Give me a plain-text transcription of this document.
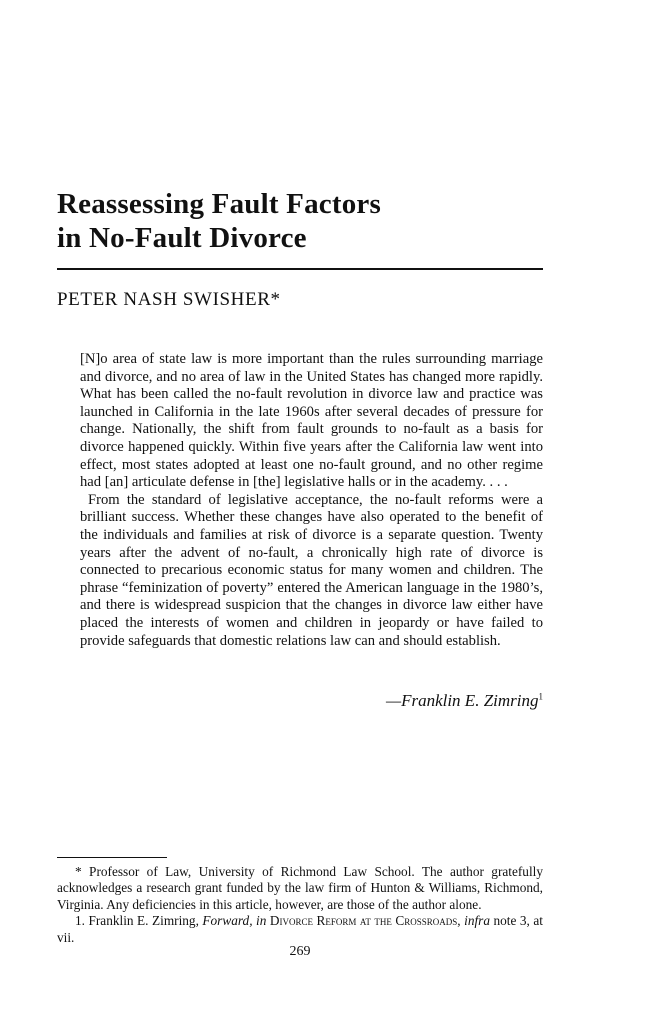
Reassessing Fault Factors
in No-Fault Divorce
PETER NASH SWISHER*

[N]o area of state law is more important than the rules surrounding marriage and divorce, and no area of law in the United States has changed more rapidly. What has been called the no-fault revolution in divorce law and practice was launched in California in the late 1960s after several decades of pressure for change. Nationally, the shift from fault grounds to no-fault as a basis for divorce happened quickly. Within five years after the California law went into effect, most states adopted at least one no-fault ground, and no other regime had [an] articulate defense in [the] legislative halls or in the academy. . . .

From the standard of legislative acceptance, the no-fault reforms were a brilliant success. Whether these changes have also operated to the benefit of the individuals and families at risk of divorce is a separate question. Twenty years after the advent of no-fault, a chronically high rate of divorce is connected to precarious economic status for many women and children. The phrase “feminization of poverty” entered the American language in the 1980’s, and there is widespread suspicion that the changes in divorce law either have placed the interests of women and children in jeopardy or have failed to provide safeguards that domestic relations law can and should establish.

—Franklin E. Zimring$^1$

* Professor of Law, University of Richmond Law School. The author gratefully acknowledges a research grant funded by the law firm of Hunton & Williams, Richmond, Virginia. Any deficiencies in this article, however, are those of the author alone.

1. Franklin E. Zimring, Forward, in Divorce Reform at the Crossroads, infra note 3, at vii.

269
